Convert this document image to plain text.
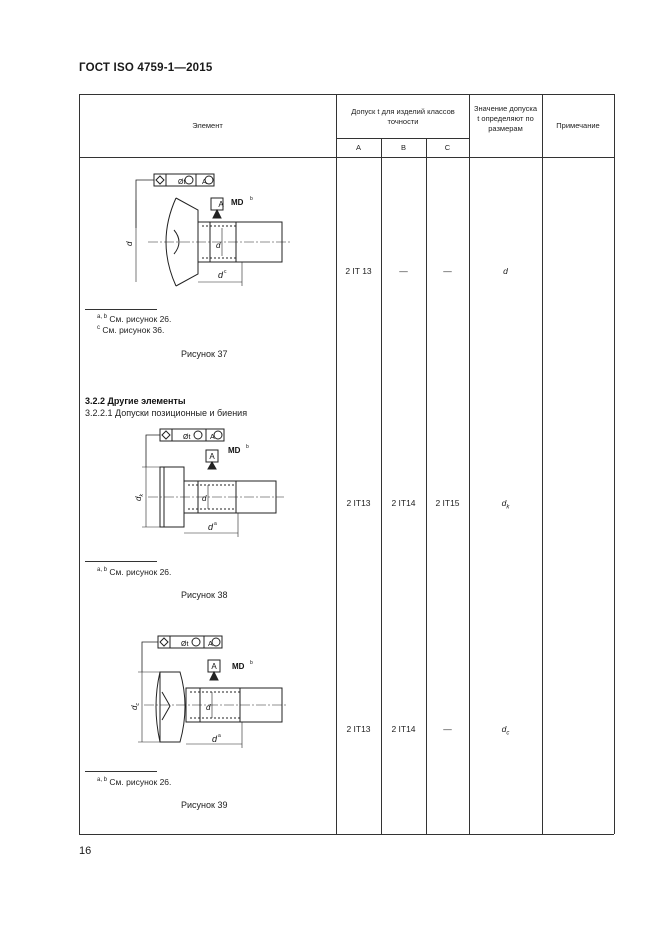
ГОСТ ISO 4759-1—2015
Элемент
Допуск t для изделий классов точности
A	B	C
Значение допуска t определяют по размерам	Примечание
2 IT 13	—	—	d
2 IT13	2 IT14	2 IT15	$d_k$
2 IT13	2 IT14	—	$d_c$
A MD b
Øt A
d
d c
d
$^{a, b}$ См. рисунок 26.
$^c$ См. рисунок 36.
Рисунок 37
3.2.2 Другие элементы
3.2.2.1 Допуски позиционные и биения
A
MD b
Øt	A
d
d a
$d_k$
$^{a, b}$ См. рисунок 26.
Рисунок 38
A MD b
Øt	A
d
d a
$d_c$
$^{a, b}$ См. рисунок 26.
Рисунок 39
16
